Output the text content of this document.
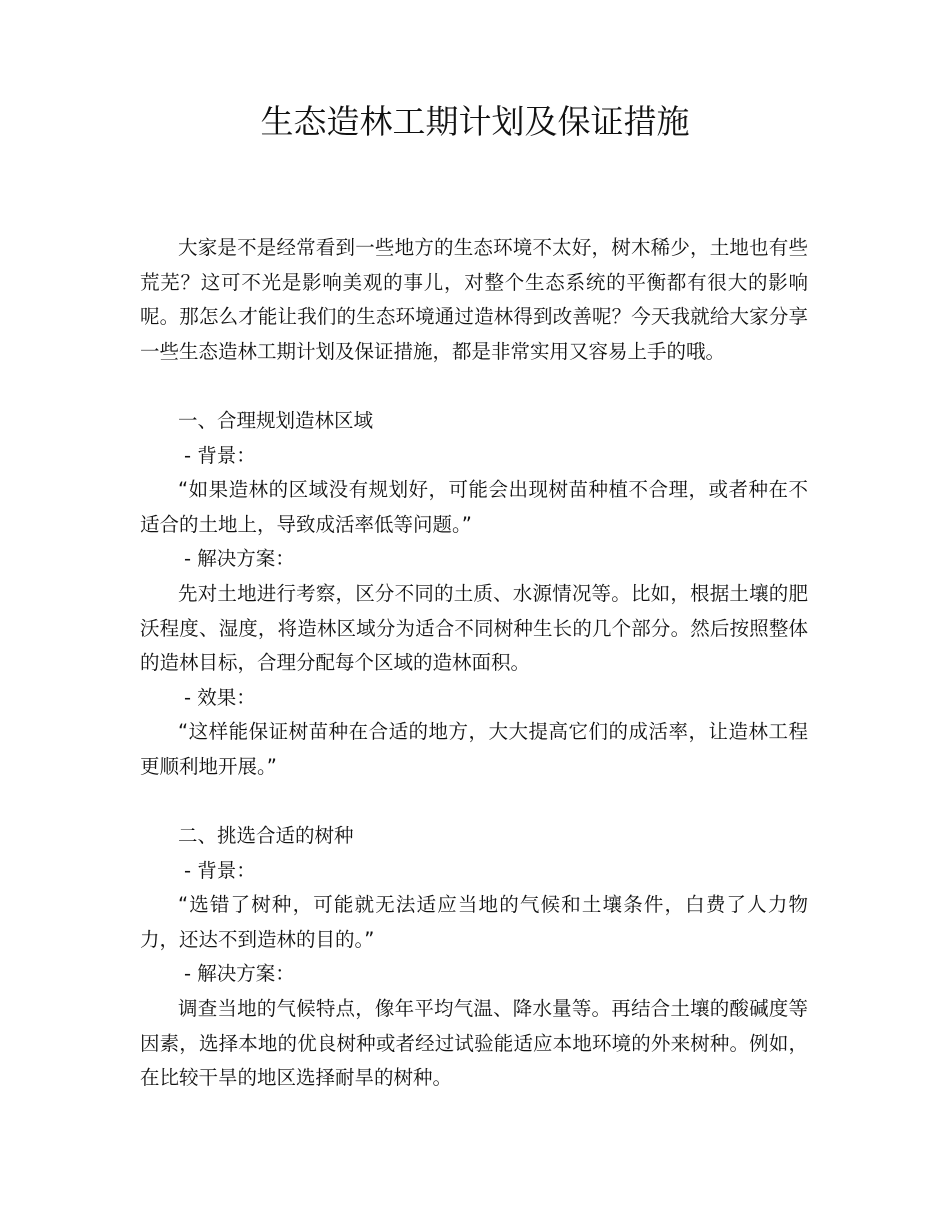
生态造林工期计划及保证措施

大家是不是经常看到一些地方的生态环境不太好，树木稀少，土地也有些荒芜？这可不光是影响美观的事儿，对整个生态系统的平衡都有很大的影响呢。那怎么才能让我们的生态环境通过造林得到改善呢？今天我就给大家分享一些生态造林工期计划及保证措施，都是非常实用又容易上手的哦。

一、合理规划造林区域

- 背景：

“如果造林的区域没有规划好，可能会出现树苗种植不合理，或者种在不适合的土地上，导致成活率低等问题。”

- 解决方案：

先对土地进行考察，区分不同的土质、水源情况等。比如，根据土壤的肥沃程度、湿度，将造林区域分为适合不同树种生长的几个部分。然后按照整体的造林目标，合理分配每个区域的造林面积。

- 效果：

“这样能保证树苗种在合适的地方，大大提高它们的成活率，让造林工程更顺利地开展。”

二、挑选合适的树种

- 背景：

“选错了树种，可能就无法适应当地的气候和土壤条件，白费了人力物力，还达不到造林的目的。”

- 解决方案：

调查当地的气候特点，像年平均气温、降水量等。再结合土壤的酸碱度等因素，选择本地的优良树种或者经过试验能适应本地环境的外来树种。例如，在比较干旱的地区选择耐旱的树种。
